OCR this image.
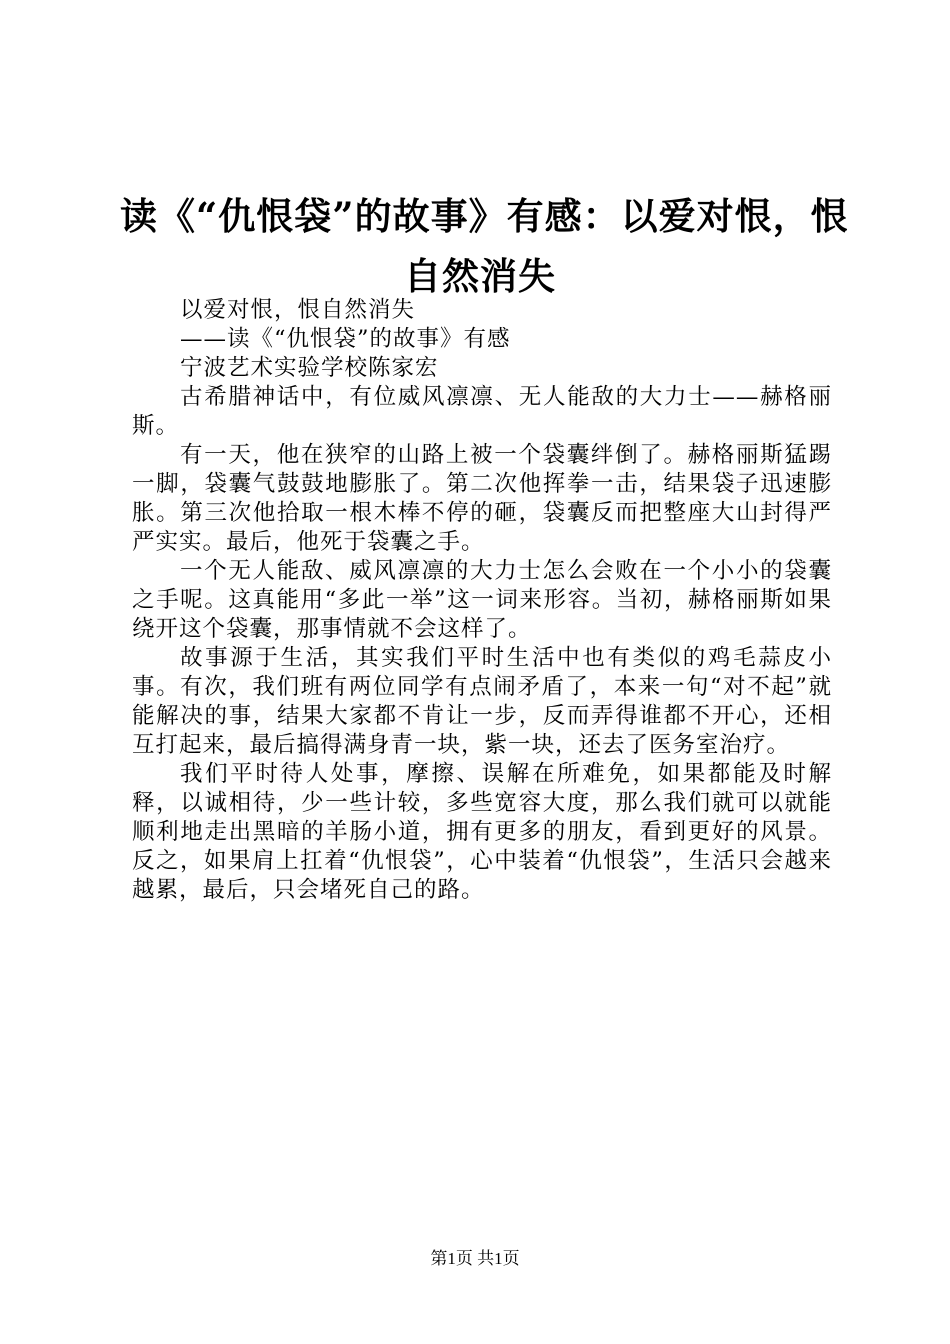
读《“仇恨袋”的故事》有感：以爱对恨，恨
自然消失

以爱对恨，恨自然消失

——读《“仇恨袋”的故事》有感

宁波艺术实验学校陈家宏

古希腊神话中，有位威风凛凛、无人能敌的大力士——赫格丽斯。

有一天，他在狭窄的山路上被一个袋囊绊倒了。赫格丽斯猛踢一脚，袋囊气鼓鼓地膨胀了。第二次他挥拳一击，结果袋子迅速膨胀。第三次他拾取一根木棒不停的砸，袋囊反而把整座大山封得严严实实。最后，他死于袋囊之手。

一个无人能敌、威风凛凛的大力士怎么会败在一个小小的袋囊之手呢。这真能用“多此一举”这一词来形容。当初，赫格丽斯如果绕开这个袋囊，那事情就不会这样了。

故事源于生活，其实我们平时生活中也有类似的鸡毛蒜皮小事。有次，我们班有两位同学有点闹矛盾了，本来一句“对不起”就能解决的事，结果大家都不肯让一步，反而弄得谁都不开心，还相互打起来，最后搞得满身青一块，紫一块，还去了医务室治疗。

我们平时待人处事，摩擦、误解在所难免，如果都能及时解释，以诚相待，少一些计较，多些宽容大度，那么我们就可以就能顺利地走出黑暗的羊肠小道，拥有更多的朋友，看到更好的风景。反之，如果肩上扛着“仇恨袋”，心中装着“仇恨袋”，生活只会越来越累，最后，只会堵死自己的路。

第1页 共1页
